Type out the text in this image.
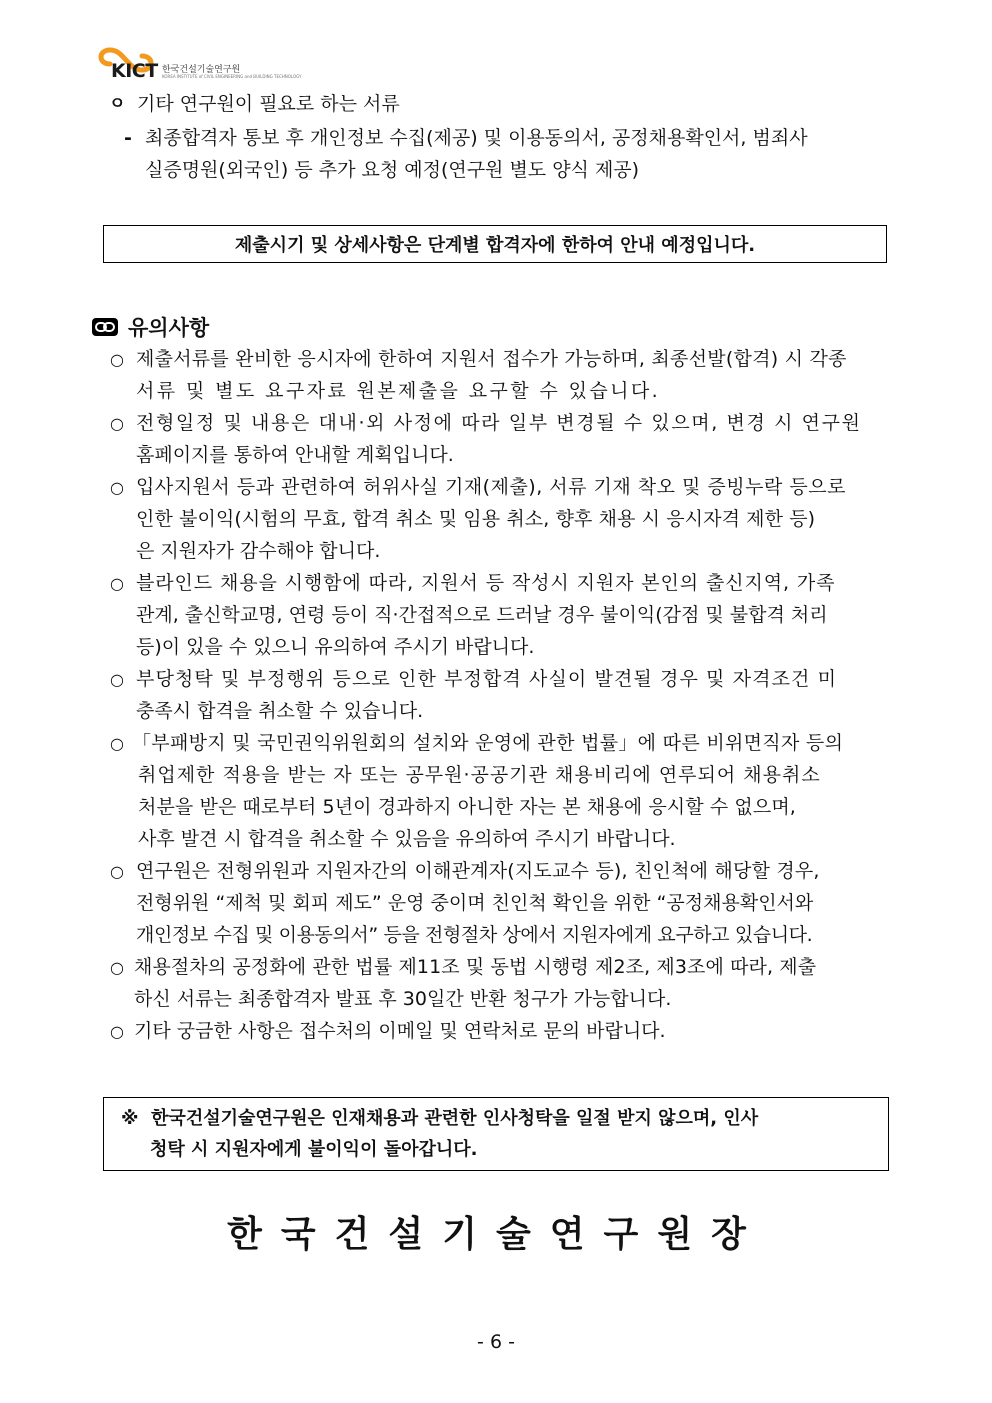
KICT 한국건설기술연구원
KOREA INSTITUTE of CIVIL ENGINEERING and BUILDING TECHNOLOGY
ㅇ 기타 연구원이 필요로 하는 서류
- 최종합격자 통보 후 개인정보 수집(제공) 및 이용동의서, 공정채용확인서, 범죄사
실증명원(외국인) 등 추가 요청 예정(연구원 별도 양식 제공)
제출시기 및 상세사항은 단계별 합격자에 한하여 안내 예정입니다.
유의사항
○ 제출서류를 완비한 응시자에 한하여 지원서 접수가 가능하며, 최종선발(합격) 시 각종
서류 및 별도 요구자료 원본제출을 요구할 수 있습니다.
○ 전형일정 및 내용은 대내·외 사정에 따라 일부 변경될 수 있으며, 변경 시 연구원
홈페이지를 통하여 안내할 계획입니다.
○ 입사지원서 등과 관련하여 허위사실 기재(제출), 서류 기재 착오 및 증빙누락 등으로
인한 불이익(시험의 무효, 합격 취소 및 임용 취소, 향후 채용 시 응시자격 제한 등)
은 지원자가 감수해야 합니다.
○ 블라인드 채용을 시행함에 따라, 지원서 등 작성시 지원자 본인의 출신지역, 가족
관계, 출신학교명, 연령 등이 직·간접적으로 드러날 경우 불이익(감점 및 불합격 처리
등)이 있을 수 있으니 유의하여 주시기 바랍니다.
○ 부당청탁 및 부정행위 등으로 인한 부정합격 사실이 발견될 경우 및 자격조건 미
충족시 합격을 취소할 수 있습니다.
○ 「부패방지 및 국민권익위원회의 설치와 운영에 관한 법률」에 따른 비위면직자 등의
취업제한 적용을 받는 자 또는 공무원·공공기관 채용비리에 연루되어 채용취소
처분을 받은 때로부터 5년이 경과하지 아니한 자는 본 채용에 응시할 수 없으며,
사후 발견 시 합격을 취소할 수 있음을 유의하여 주시기 바랍니다.
○ 연구원은 전형위원과 지원자간의 이해관계자(지도교수 등), 친인척에 해당할 경우,
전형위원 “제척 및 회피 제도” 운영 중이며 친인척 확인을 위한 “공정채용확인서와
개인정보 수집 및 이용동의서” 등을 전형절차 상에서 지원자에게 요구하고 있습니다.
○ 채용절차의 공정화에 관한 법률 제11조 및 동법 시행령 제2조, 제3조에 따라, 제출
하신 서류는 최종합격자 발표 후 30일간 반환 청구가 가능합니다.
○ 기타 궁금한 사항은 접수처의 이메일 및 연락처로 문의 바랍니다.
※ 한국건설기술연구원은 인재채용과 관련한 인사청탁을 일절 받지 않으며, 인사
청탁 시 지원자에게 불이익이 돌아갑니다.
한국건설기술연구원장
- 6 -
